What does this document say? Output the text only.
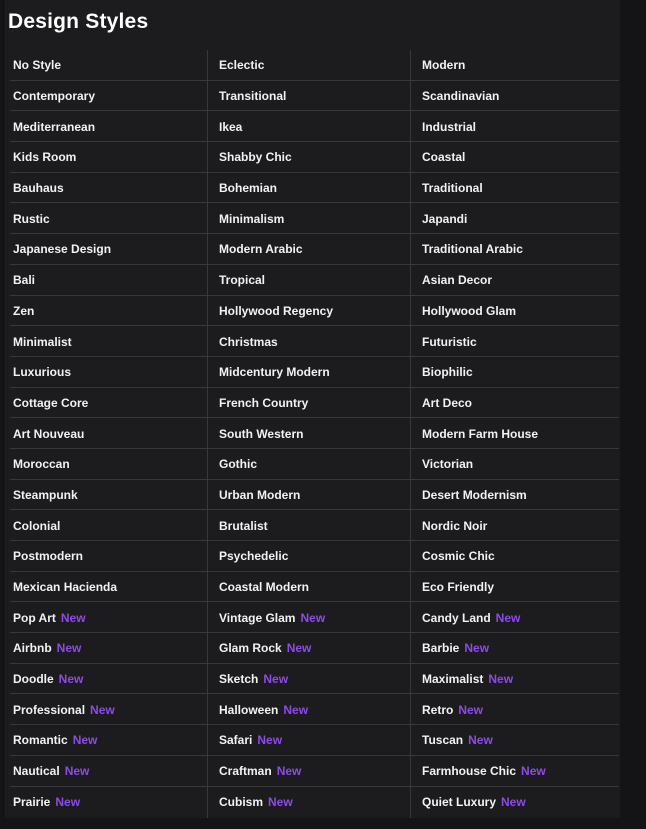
Design Styles
No Style	Eclectic	Modern
Contemporary	Transitional	Scandinavian
Mediterranean	Ikea	Industrial
Kids Room	Shabby Chic	Coastal
Bauhaus	Bohemian	Traditional
Rustic	Minimalism	Japandi
Japanese Design	Modern Arabic	Traditional Arabic
Bali	Tropical	Asian Decor
Zen	Hollywood Regency	Hollywood Glam
Minimalist	Christmas	Futuristic
Luxurious	Midcentury Modern	Biophilic
Cottage Core	French Country	Art Deco
Art Nouveau	South Western	Modern Farm House
Moroccan	Gothic	Victorian
Steampunk	Urban Modern	Desert Modernism
Colonial	Brutalist	Nordic Noir
Postmodern	Psychedelic	Cosmic Chic
Mexican Hacienda	Coastal Modern	Eco Friendly
Pop Art New	Vintage Glam New	Candy Land New
Airbnb New	Glam Rock New	Barbie New
Doodle New	Sketch New	Maximalist New
Professional New	Halloween New	Retro New
Romantic New	Safari New	Tuscan New
Nautical New	Craftman New	Farmhouse Chic New
Prairie New	Cubism New	Quiet Luxury New
